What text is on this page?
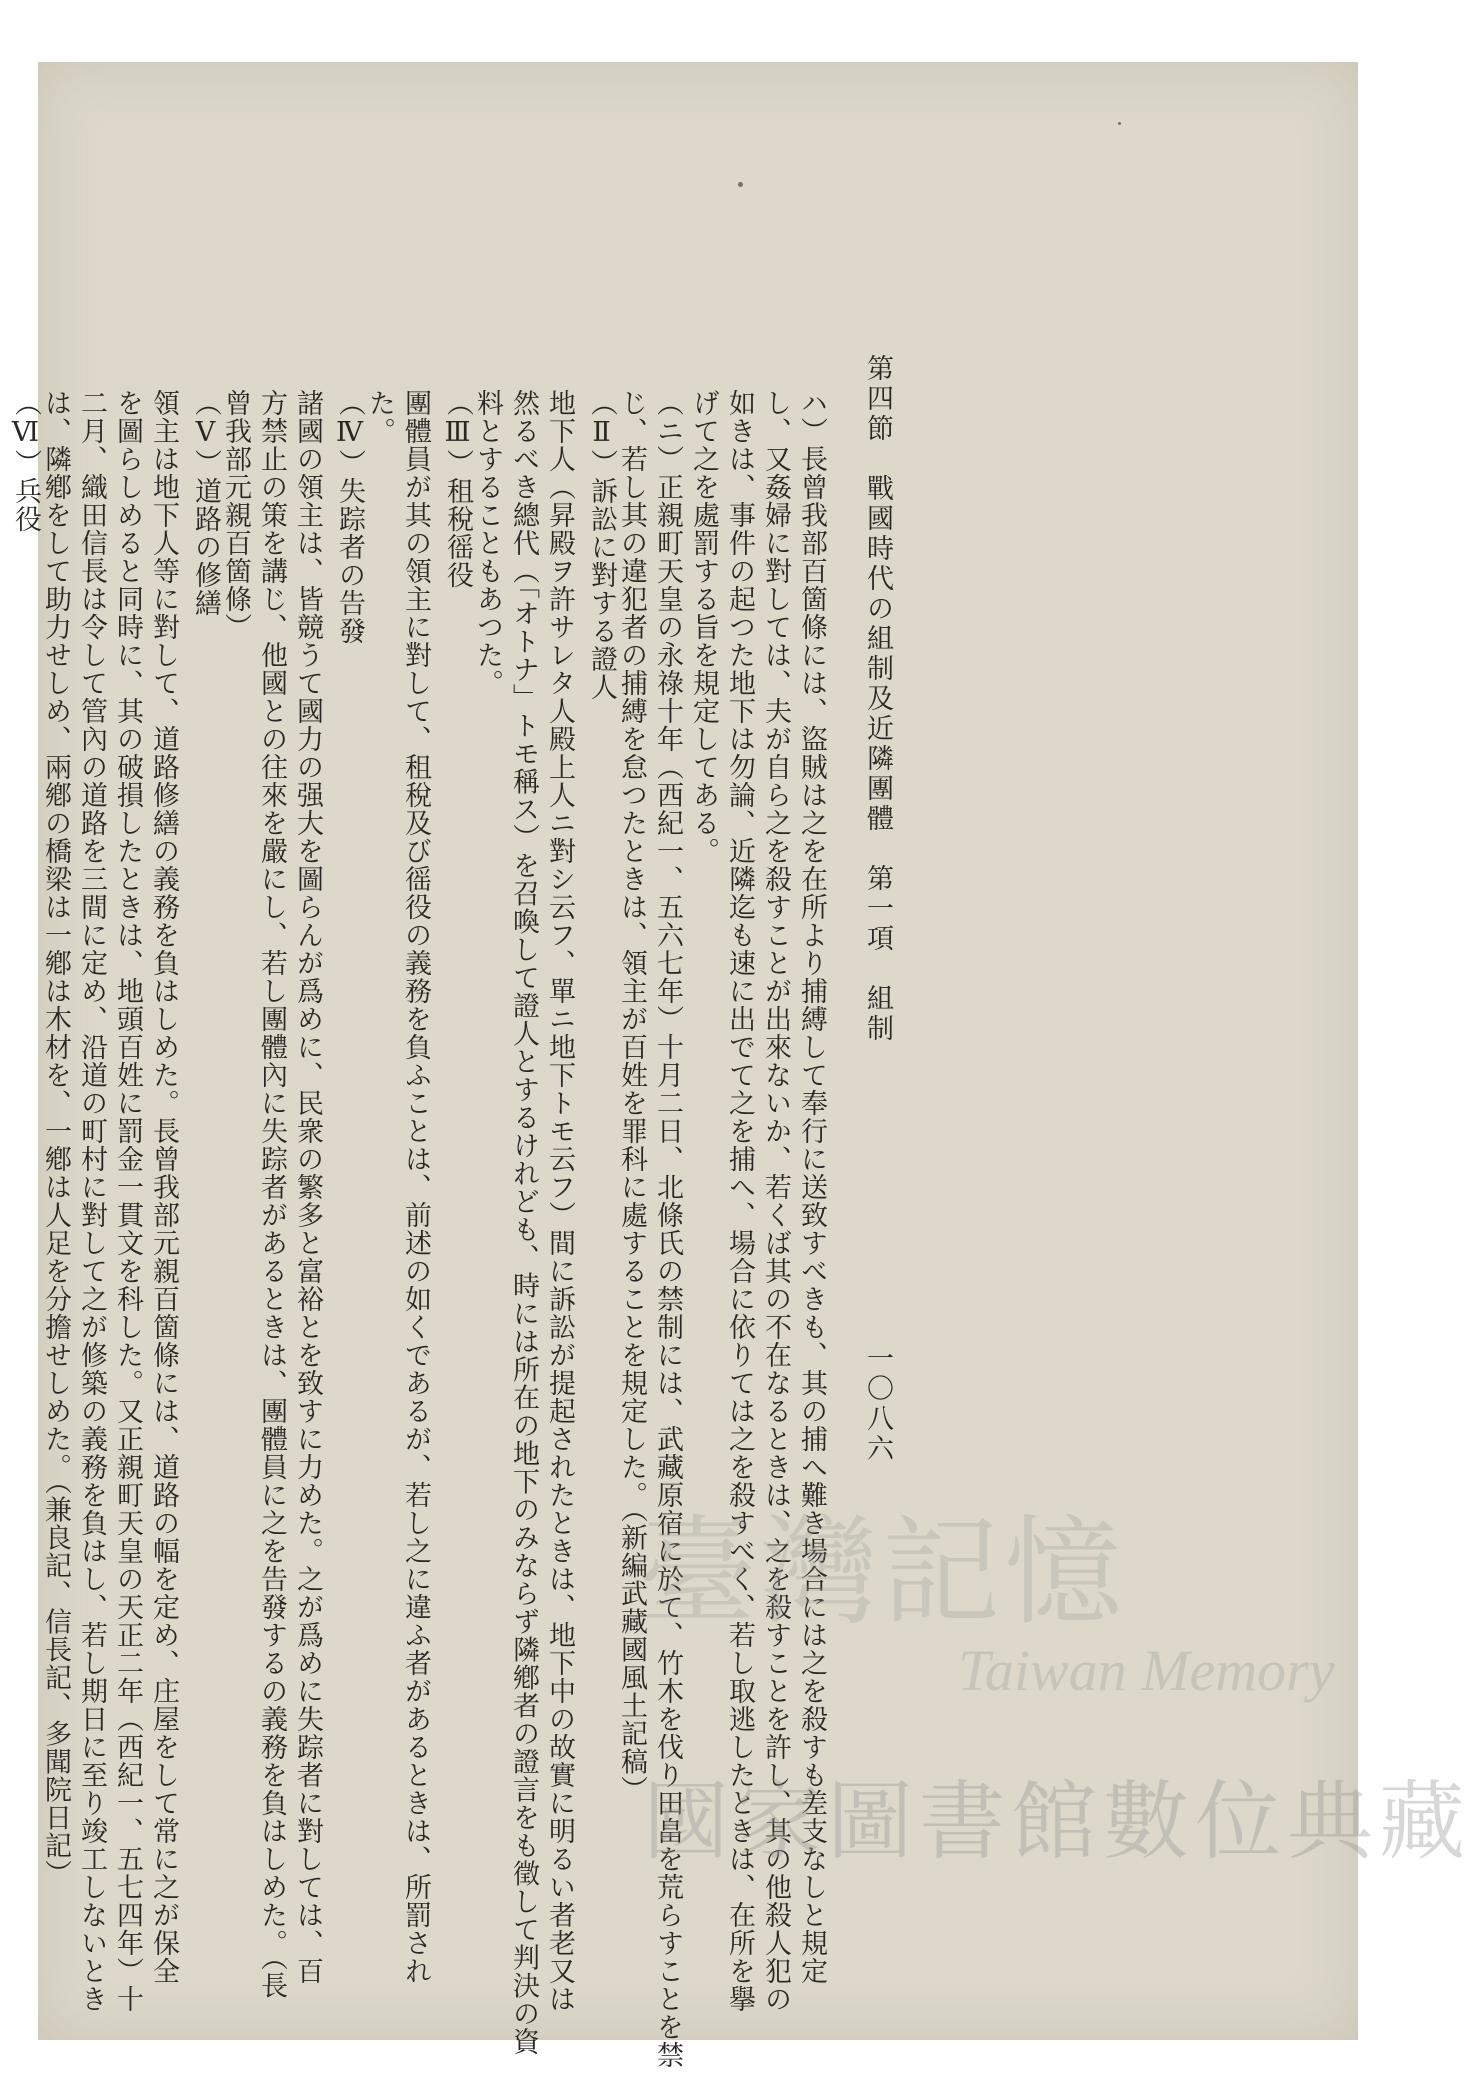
第四節　戰國時代の組制及近隣團體　第一項　組制
一〇八六
ハ）長曾我部百箇條には、盜賊は之を在所より捕縛して奉行に送致すべきも、其の捕へ難き場合には之を殺すも差支なしと規定
し、又姦婦に對しては、夫が自ら之を殺すことが出來ないか、若くば其の不在なるときは、之を殺すことを許し、其の他殺人犯の
如きは、事件の起つた地下は勿論、近隣迄も速に出でて之を捕へ、場合に依りては之を殺すべく、若し取逃したときは、在所を擧
げて之を處罰する旨を規定してある。
（ニ）正親町天皇の永祿十年（西紀一、五六七年）十月二日、北條氏の禁制には、武藏原宿に於て、竹木を伐り田畠を荒らすことを禁
じ、若し其の違犯者の捕縛を怠つたときは、領主が百姓を罪科に處することを規定した。（新編武藏國風土記稿）
（Ⅱ）訴訟に對する證人
地下人（昇殿ヲ許サレタ人殿上人ニ對シ云フ、單ニ地下トモ云フ）間に訴訟が提起されたときは、地下中の故實に明るい者老又は
然るべき總代（「オトナ」トモ稱ス）を召喚して證人とするけれども、時には所在の地下のみならず隣鄕者の證言をも徵して判決の資
料とすることもあつた。
（Ⅲ）租稅徭役
團體員が其の領主に對して、租稅及び徭役の義務を負ふことは、前述の如くであるが、若し之に違ふ者があるときは、所罰され
た。
（Ⅳ）失踪者の告發
諸國の領主は、皆競うて國力の强大を圖らんが爲めに、民衆の繁多と富裕とを致すに力めた。之が爲めに失踪者に對しては、百
方禁止の策を講じ、他國との往來を嚴にし、若し團體內に失踪者があるときは、團體員に之を告發するの義務を負はしめた。（長
曾我部元親百箇條）
（Ⅴ）道路の修繕
領主は地下人等に對して、道路修繕の義務を負はしめた。長曾我部元親百箇條には、道路の幅を定め、庄屋をして常に之が保全
を圖らしめると同時に、其の破損したときは、地頭百姓に罰金一貫文を科した。又正親町天皇の天正二年（西紀一、五七四年）十
二月、織田信長は令して管內の道路を三間に定め、沿道の町村に對して之が修築の義務を負はし、若し期日に至り竣工しないとき
は、隣鄕をして助力せしめ、兩鄕の橋梁は一鄕は木材を、一鄕は人足を分擔せしめた。（兼良記、信長記、多聞院日記）
（Ⅵ）兵役
臺灣記憶
Taiwan Memory
國家圖書館數位典藏
